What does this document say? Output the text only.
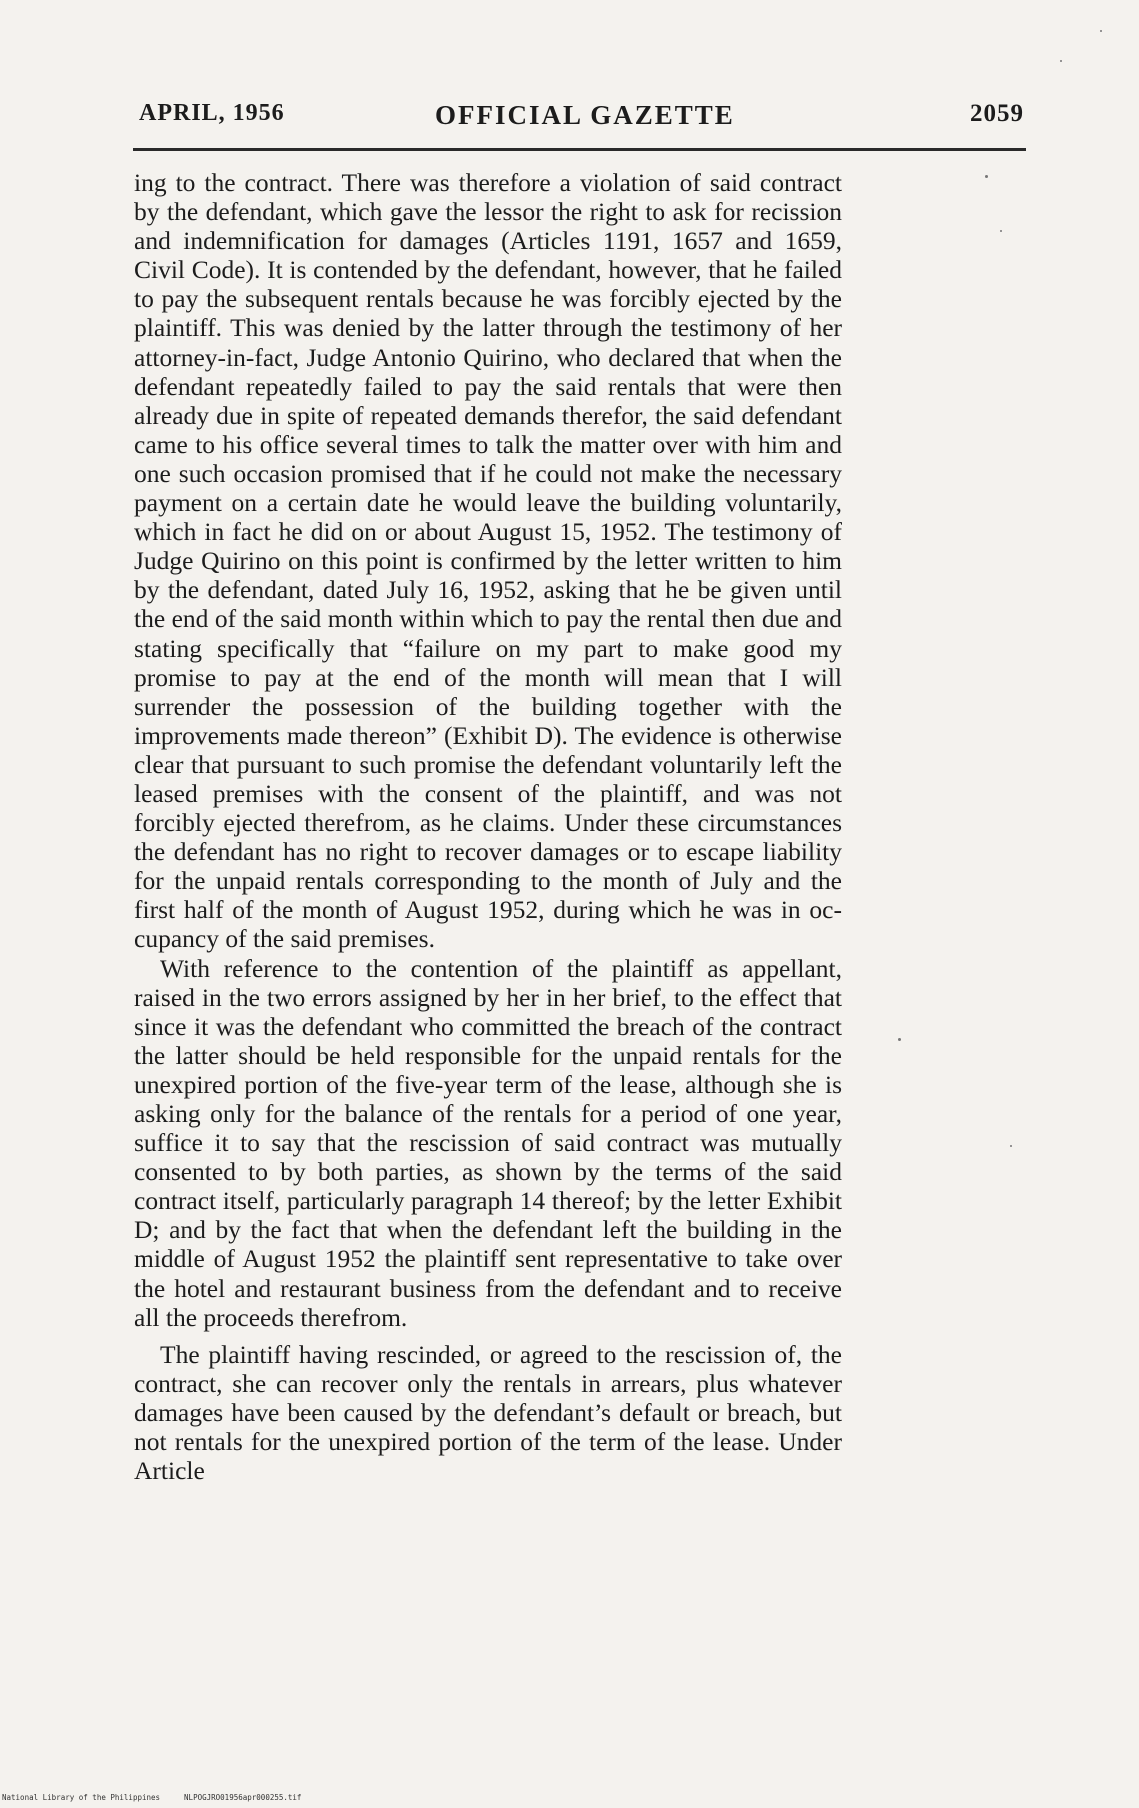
APRIL, 1956	OFFICIAL GAZETTE	2059

ing to the contract. There was therefore a violation of said contract by the defendant, which gave the lessor the right to ask for recission and indemnification for damages (Articles 1191, 1657 and 1659, Civil Code). It is contended by the defendant, however, that he failed to pay the subsequent rentals because he was forcibly ejected by the plaintiff. This was denied by the latter through the testimony of her attorney-in-fact, Judge Antonio Quirino, who declared that when the defendant repeatedly failed to pay the said rentals that were then already due in spite of repeated demands therefor, the said defendant came to his office several times to talk the matter over with him and one such occasion promised that if he could not make the necessary payment on a certain date he would leave the building voluntarily, which in fact he did on or about August 15, 1952. The testimony of Judge Quirino on this point is confirmed by the letter written to him by the defendant, dated July 16, 1952, asking that he be given until the end of the said month within which to pay the rental then due and stating specifically that “failure on my part to make good my promise to pay at the end of the month will mean that I will surrender the possession of the building together with the improvements made thereon” (Exhibit D). The evidence is otherwise clear that pursuant to such promise the defendant voluntarily left the leased premises with the consent of the plaintiff, and was not forcibly ejected therefrom, as he claims. Under these circumstances the defendant has no right to recover damages or to escape liability for the unpaid rentals corresponding to the month of July and the first half of the month of August 1952, during which he was in occupancy of the said premises.

With reference to the contention of the plaintiff as appellant, raised in the two errors assigned by her in her brief, to the effect that since it was the defendant who committed the breach of the contract the latter should be held responsible for the unpaid rentals for the unexpired portion of the five-year term of the lease, although she is asking only for the balance of the rentals for a period of one year, suffice it to say that the rescission of said contract was mutually consented to by both parties, as shown by the terms of the said contract itself, particularly paragraph 14 thereof; by the letter Exhibit D; and by the fact that when the defendant left the building in the middle of August 1952 the plaintiff sent representative to take over the hotel and restaurant business from the defendant and to receive all the proceeds therefrom.

The plaintiff having rescinded, or agreed to the rescission of, the contract, she can recover only the rentals in arrears, plus whatever damages have been caused by the defendant’s default or breach, but not rentals for the unexpired portion of the term of the lease. Under Article

National Library of the Philippines	NLPOGJRO01956apr000255.tif
